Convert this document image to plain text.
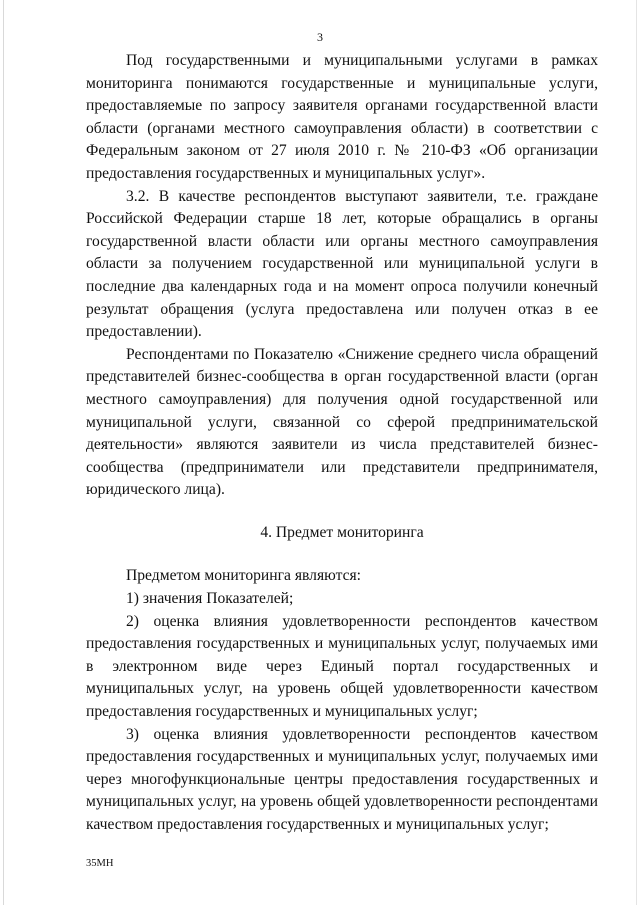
3

Под государственными и муниципальными услугами в рамках мониторинга понимаются государственные и муниципальные услуги, предоставляемые по запросу заявителя органами государственной власти области (органами местного самоуправления области) в соответствии с Федеральным законом от 27 июля 2010 г. № 210-ФЗ «Об организации предоставления государственных и муниципальных услуг».

3.2. В качестве респондентов выступают заявители, т.е. граждане Российской Федерации старше 18 лет, которые обращались в органы государственной власти области или органы местного самоуправления области за получением государственной или муниципальной услуги в последние два календарных года и на момент опроса получили конечный результат обращения (услуга предоставлена или получен отказ в ее предоставлении).

Респондентами по Показателю «Снижение среднего числа обращений представителей бизнес-сообщества в орган государственной власти (орган местного самоуправления) для получения одной государственной или муниципальной услуги, связанной со сферой предпринимательской деятельности» являются заявители из числа представителей бизнес-сообщества (предприниматели или представители предпринимателя, юридического лица).

4. Предмет мониторинга

Предметом мониторинга являются:

1) значения Показателей;

2) оценка влияния удовлетворенности респондентов качеством предоставления государственных и муниципальных услуг, получаемых ими в электронном виде через Единый портал государственных и муниципальных услуг, на уровень общей удовлетворенности качеством предоставления государственных и муниципальных услуг;

3) оценка влияния удовлетворенности респондентов качеством предоставления государственных и муниципальных услуг, получаемых ими через многофункциональные центры предоставления государственных и муниципальных услуг, на уровень общей удовлетворенности респондентами качеством предоставления государственных и муниципальных услуг;

35МН
